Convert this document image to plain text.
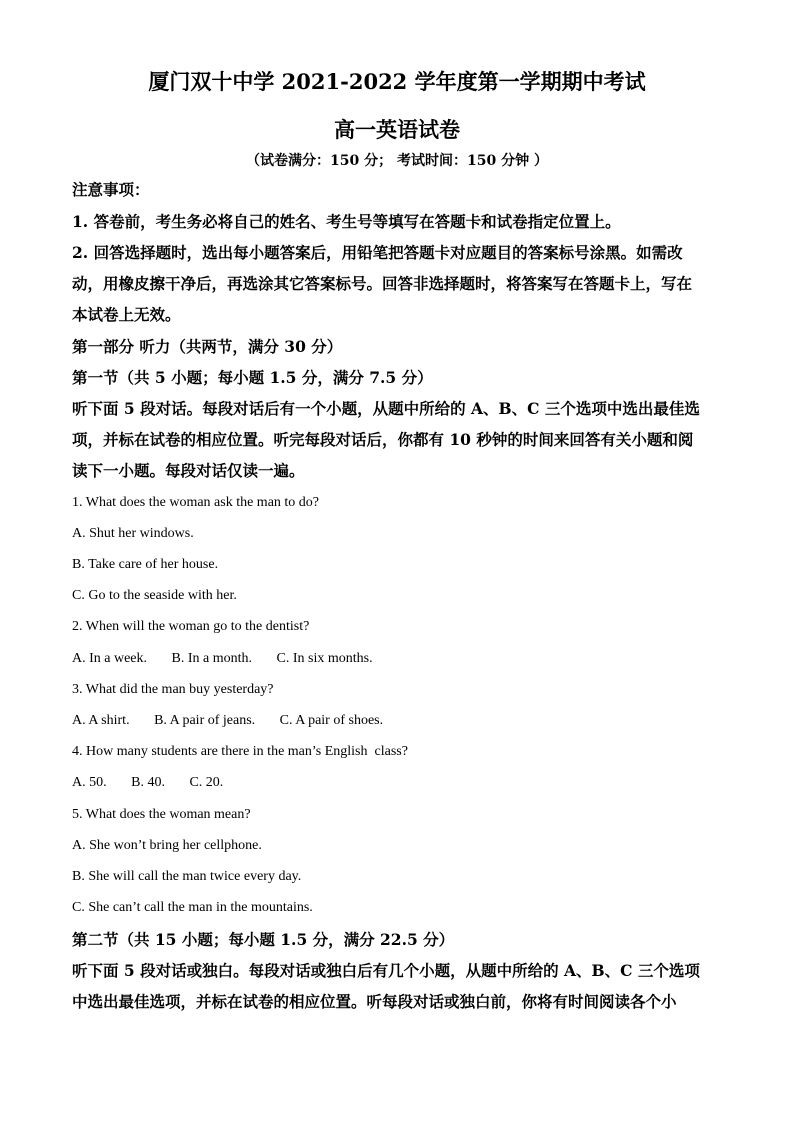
厦门双十中学 2021-2022 学年度第一学期期中考试
高一英语试卷
（试卷满分：150 分； 考试时间：150 分钟 ）
注意事项：
1. 答卷前，考生务必将自己的姓名、考生号等填写在答题卡和试卷指定位置上。
2. 回答选择题时，选出每小题答案后，用铅笔把答题卡对应题目的答案标号涂黑。如需改
动，用橡皮擦干净后，再选涂其它答案标号。回答非选择题时，将答案写在答题卡上，写在
本试卷上无效。
第一部分 听力（共两节，满分 30 分）
第一节（共 5 小题；每小题 1.5 分，满分 7.5 分）
听下面 5 段对话。每段对话后有一个小题，从题中所给的 A、B、C 三个选项中选出最佳选
项，并标在试卷的相应位置。听完每段对话后，你都有 10 秒钟的时间来回答有关小题和阅
读下一小题。每段对话仅读一遍。
1. What does the woman ask the man to do?
A. Shut her windows.
B. Take care of her house.
C. Go to the seaside with her.
2. When will the woman go to the dentist?
A. In a week.       B. In a month.       C. In six months.
3. What did the man buy yesterday?
A. A shirt.       B. A pair of jeans.       C. A pair of shoes.
4. How many students are there in the man’s English  class?
A. 50.       B. 40.       C. 20.
5. What does the woman mean?
A. She won’t bring her cellphone.
B. She will call the man twice every day.
C. She can’t call the man in the mountains.
第二节（共 15 小题；每小题 1.5 分，满分 22.5 分）
听下面 5 段对话或独白。每段对话或独白后有几个小题，从题中所给的 A、B、C 三个选项
中选出最佳选项，并标在试卷的相应位置。听每段对话或独白前，你将有时间阅读各个小
